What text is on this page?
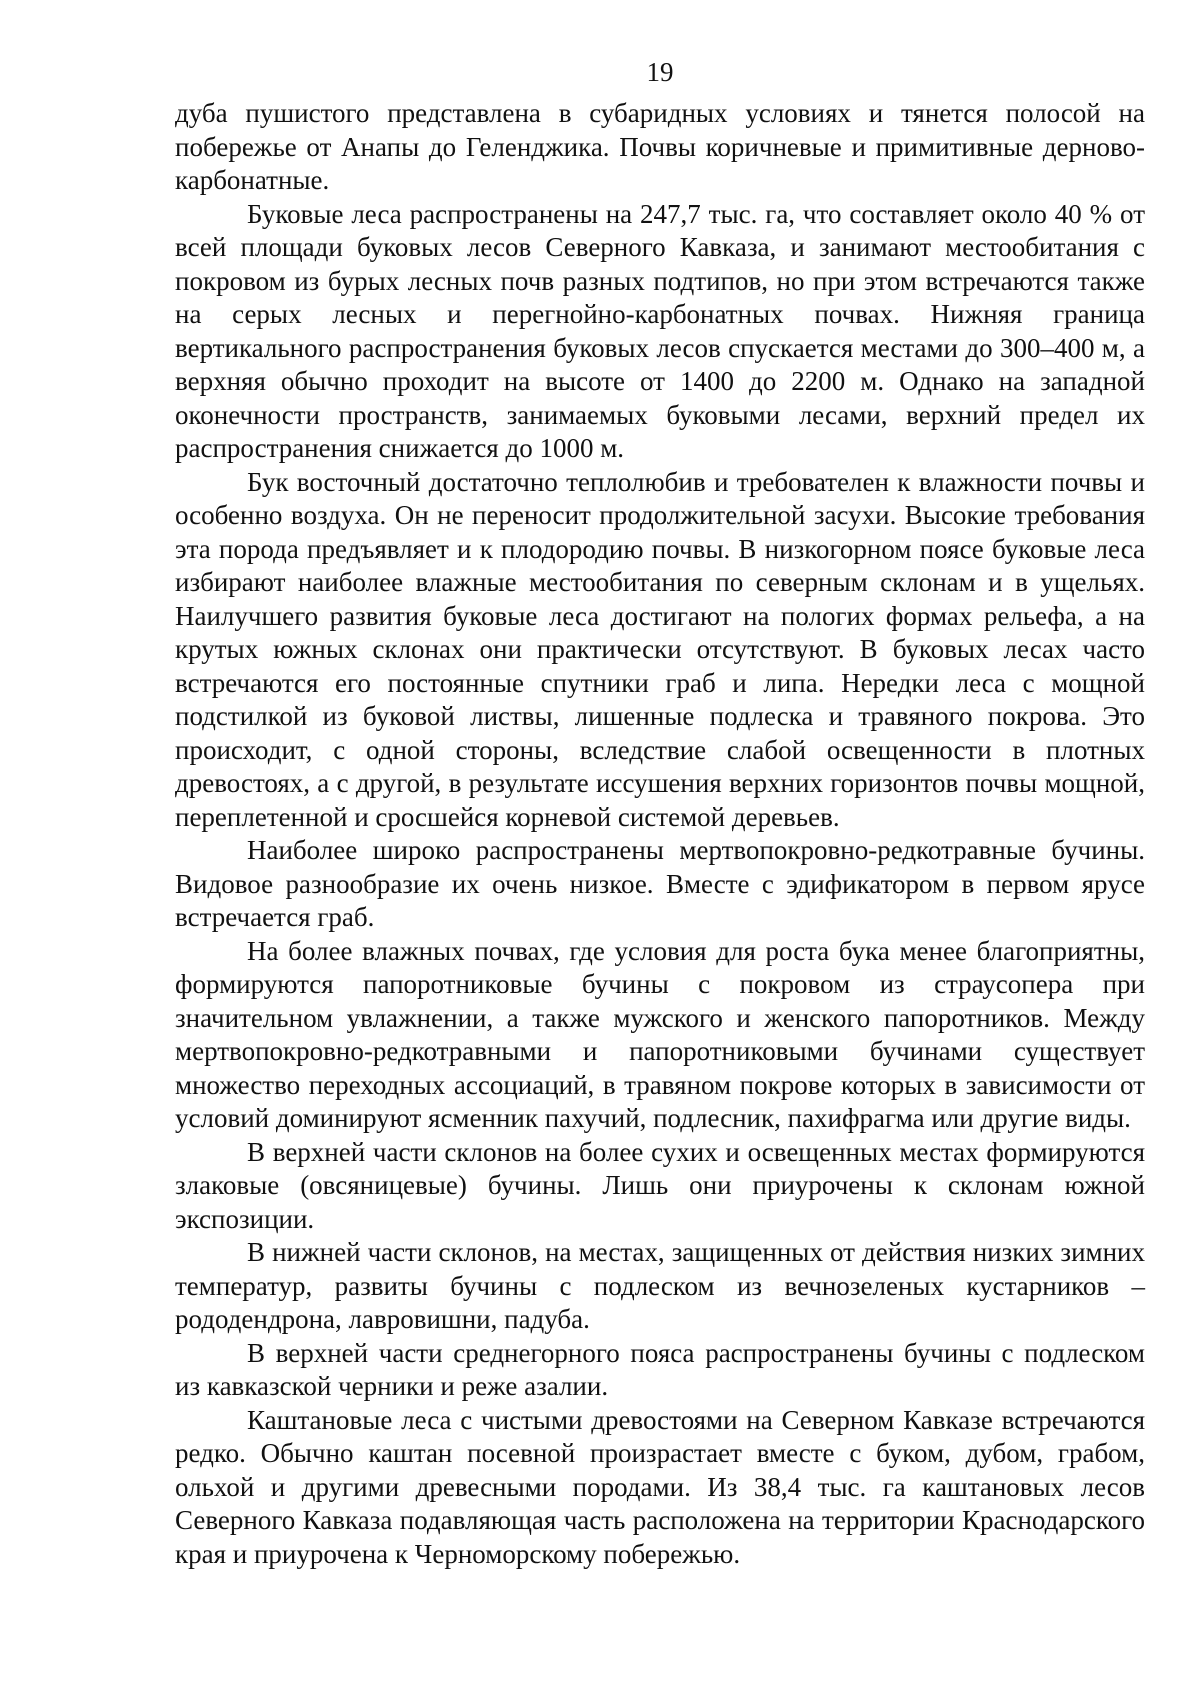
19

дуба пушистого представлена в субаридных условиях и тянется полосой на побережье от Анапы до Геленджика. Почвы коричневые и примитивные дерново-карбонатные.

Буковые леса распространены на 247,7 тыс. га, что составляет около 40 % от всей площади буковых лесов Северного Кавказа, и занимают местообитания с покровом из бурых лесных почв разных подтипов, но при этом встречаются также на серых лесных и перегнойно-карбонатных почвах. Нижняя граница вертикального распространения буковых лесов спускается местами до 300–400 м, а верхняя обычно проходит на высоте от 1400 до 2200 м. Однако на западной оконечности пространств, занимаемых буковыми лесами, верхний предел их распространения снижается до 1000 м.

Бук восточный достаточно теплолюбив и требователен к влажности почвы и особенно воздуха. Он не переносит продолжительной засухи. Высокие требования эта порода предъявляет и к плодородию почвы. В низкогорном поясе буковые леса избирают наиболее влажные местообитания по северным склонам и в ущельях. Наилучшего развития буковые леса достигают на пологих формах рельефа, а на крутых южных склонах они практически отсутствуют. В буковых лесах часто встречаются его постоянные спутники граб и липа. Нередки леса с мощной подстилкой из буковой листвы, лишенные подлеска и травяного покрова. Это происходит, с одной стороны, вследствие слабой освещенности в плотных древостоях, а с другой, в результате иссушения верхних горизонтов почвы мощной, переплетенной и сросшейся корневой системой деревьев.

Наиболее широко распространены мертвопокровно-редкотравные бучины. Видовое разнообразие их очень низкое. Вместе с эдификатором в первом ярусе встречается граб.

На более влажных почвах, где условия для роста бука менее благоприятны, формируются папоротниковые бучины с покровом из страусопера при значительном увлажнении, а также мужского и женского папоротников. Между мертвопокровно-редкотравными и папоротниковыми бучинами существует множество переходных ассоциаций, в травяном покрове которых в зависимости от условий доминируют ясменник пахучий, подлесник, пахифрагма или другие виды.

В верхней части склонов на более сухих и освещенных местах формируются злаковые (овсяницевые) бучины. Лишь они приурочены к склонам южной экспозиции.

В нижней части склонов, на местах, защищенных от действия низких зимних температур, развиты бучины с подлеском из вечнозеленых кустарников – рододендрона, лавровишни, падуба.

В верхней части среднегорного пояса распространены бучины с подлеском из кавказской черники и реже азалии.

Каштановые леса с чистыми древостоями на Северном Кавказе встречаются редко. Обычно каштан посевной произрастает вместе с буком, дубом, грабом, ольхой и другими древесными породами. Из 38,4 тыс. га каштановых лесов Северного Кавказа подавляющая часть расположена на территории Краснодарского края и приурочена к Черноморскому побережью.
